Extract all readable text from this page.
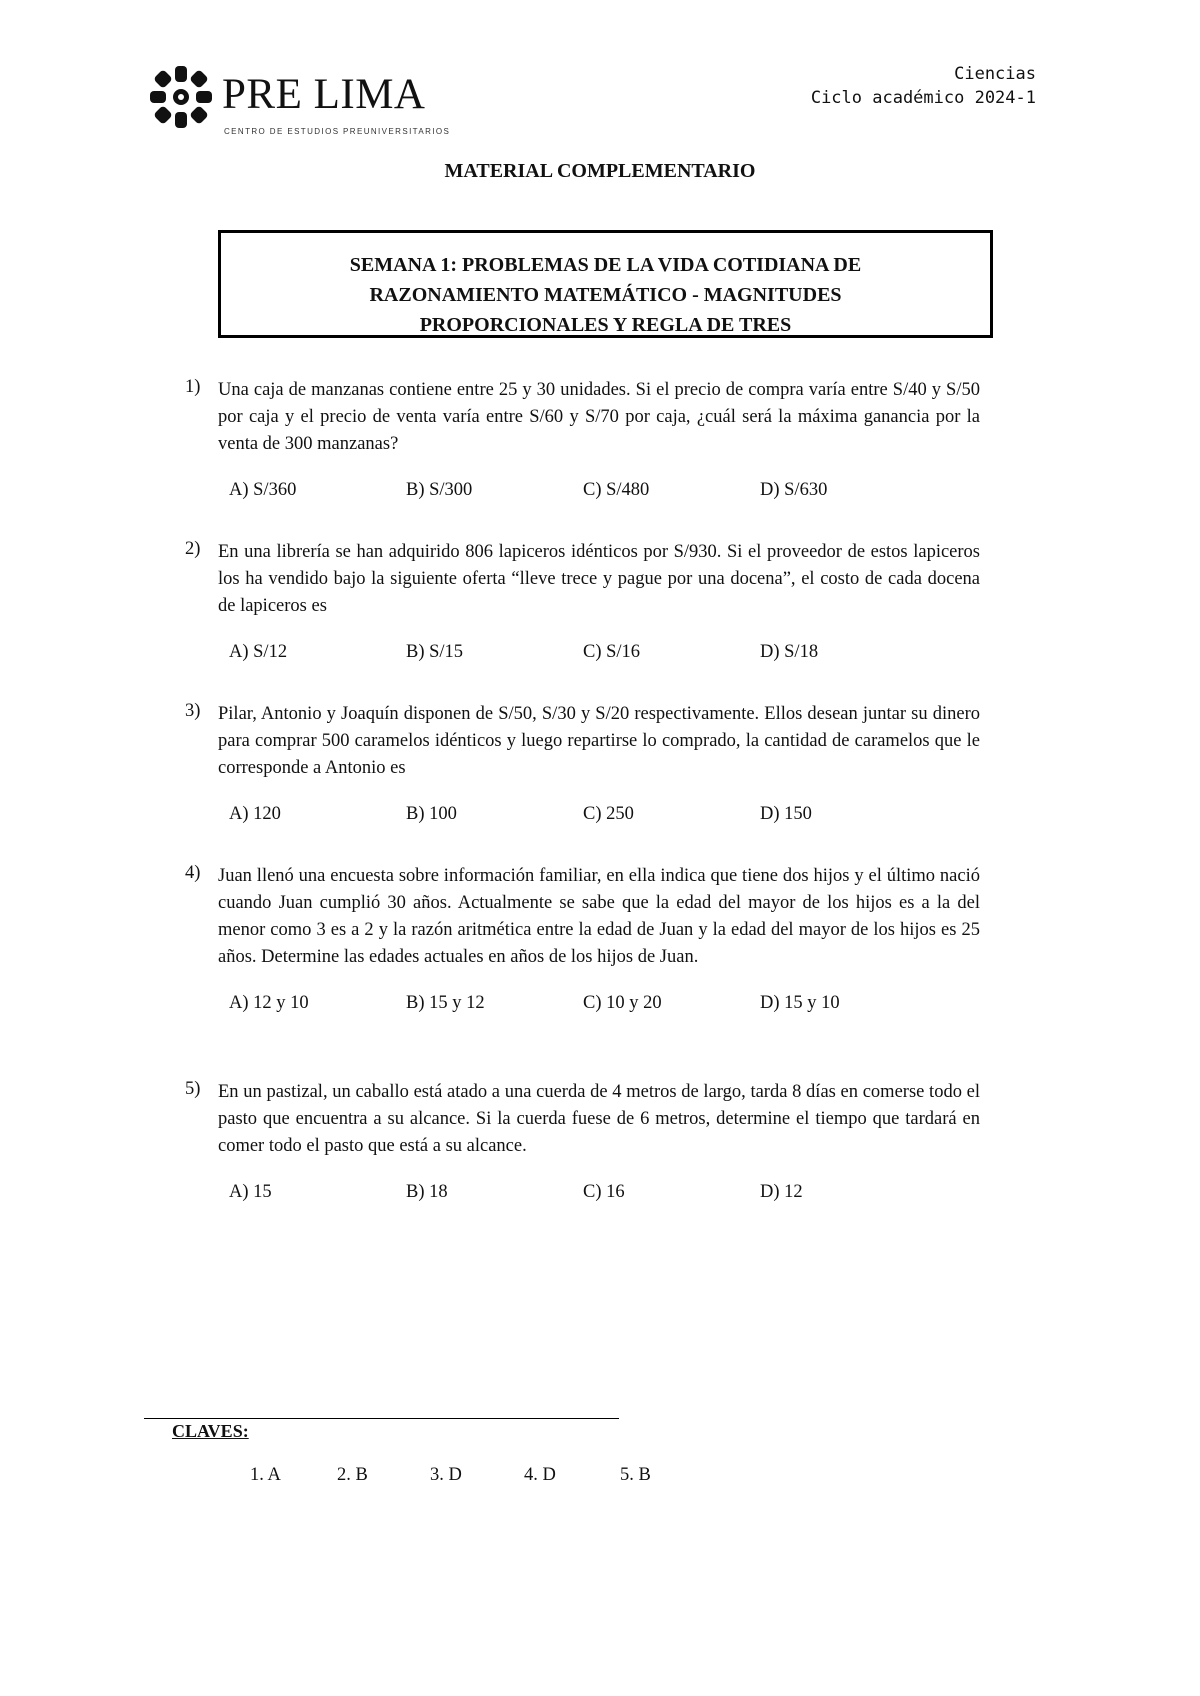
PRE LIMA
CENTRO DE ESTUDIOS PREUNIVERSITARIOS
Ciencias
Ciclo académico 2024-1
MATERIAL COMPLEMENTARIO
SEMANA 1: PROBLEMAS DE LA VIDA COTIDIANA DE
RAZONAMIENTO MATEMÁTICO - MAGNITUDES
PROPORCIONALES Y REGLA DE TRES
1) Una caja de manzanas contiene entre 25 y 30 unidades. Si el precio de compra varía entre S/40 y S/50 por caja y el precio de venta varía entre S/60 y S/70 por caja, ¿cuál será la máxima ganancia por la venta de 300 manzanas?
A) S/360	B) S/300	C) S/480	D) S/630
2) En una librería se han adquirido 806 lapiceros idénticos por S/930. Si el proveedor de estos lapiceros los ha vendido bajo la siguiente oferta “lleve trece y pague por una docena”, el costo de cada docena de lapiceros es
A) S/12	B) S/15	C) S/16	D) S/18
3) Pilar, Antonio y Joaquín disponen de S/50, S/30 y S/20 respectivamente. Ellos desean juntar su dinero para comprar 500 caramelos idénticos y luego repartirse lo comprado, la cantidad de caramelos que le corresponde a Antonio es
A) 120	B) 100	C) 250	D) 150
4) Juan llenó una encuesta sobre información familiar, en ella indica que tiene dos hijos y el último nació cuando Juan cumplió 30 años. Actualmente se sabe que la edad del mayor de los hijos es a la del menor como 3 es a 2 y la razón aritmética entre la edad de Juan y la edad del mayor de los hijos es 25 años. Determine las edades actuales en años de los hijos de Juan.
A) 12 y 10	B) 15 y 12	C) 10 y 20	D) 15 y 10
5) En un pastizal, un caballo está atado a una cuerda de 4 metros de largo, tarda 8 días en comerse todo el pasto que encuentra a su alcance. Si la cuerda fuese de 6 metros, determine el tiempo que tardará en comer todo el pasto que está a su alcance.
A) 15	B) 18	C) 16	D) 12
CLAVES:
1. A	2. B	3. D	4. D	5. B
